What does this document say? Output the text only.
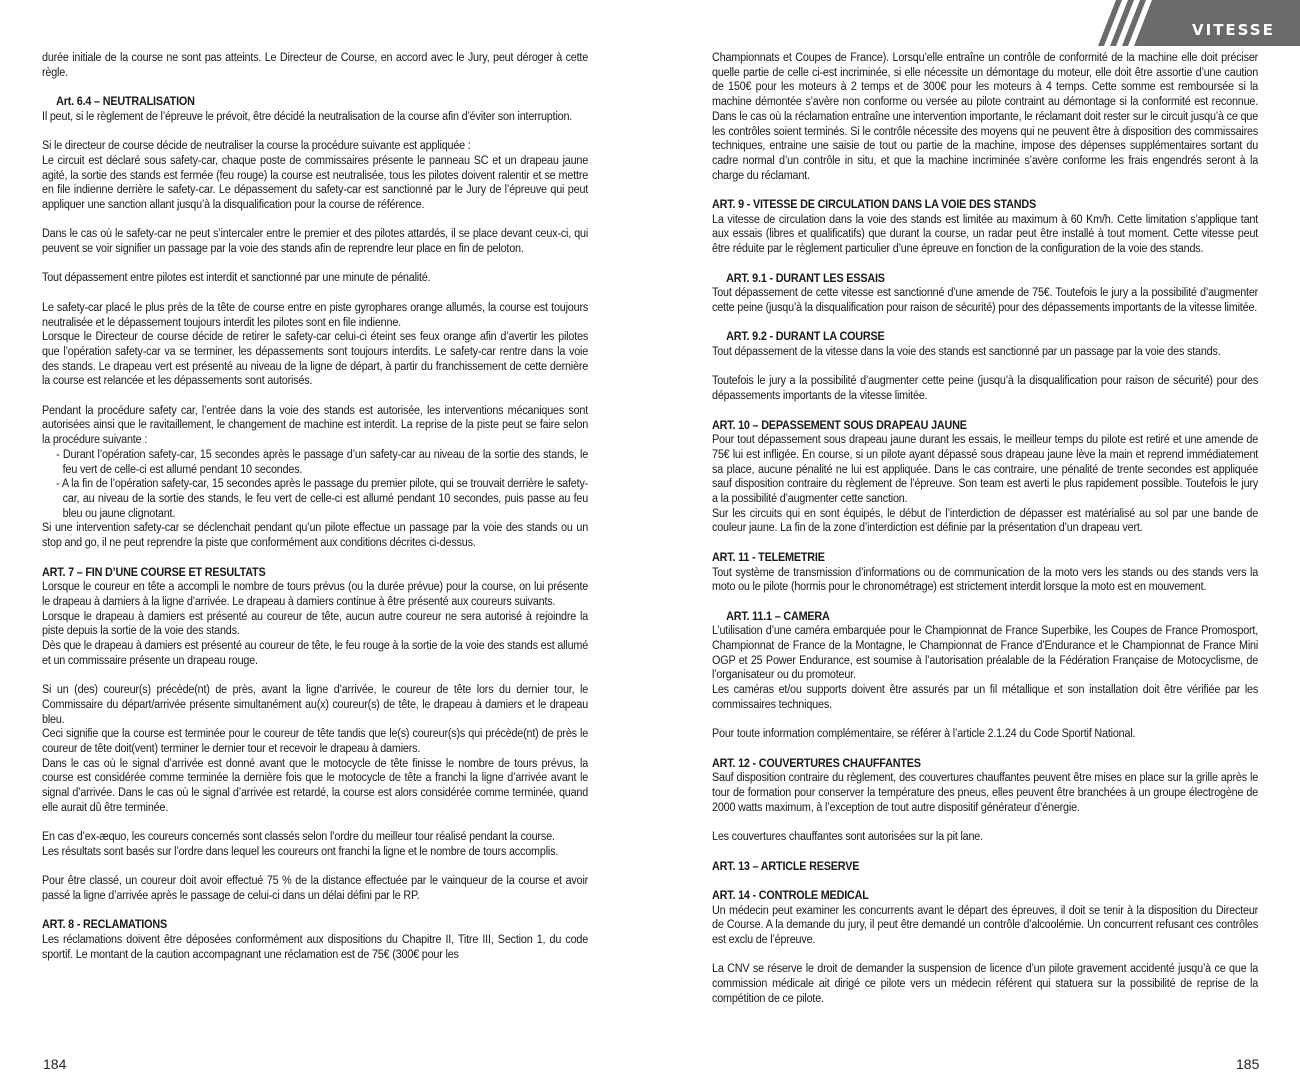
VITESSE

durée initiale de la course ne sont pas atteints. Le Directeur de Course, en accord avec le Jury, peut déroger à cette règle.

Art. 6.4 – NEUTRALISATION

Il peut, si le règlement de l’épreuve le prévoit, être décidé la neutralisation de la course afin d’éviter son interruption.

Si le directeur de course décide de neutraliser la course la procédure suivante est appliquée :
Le circuit est déclaré sous safety-car, chaque poste de commissaires présente le panneau SC et un drapeau jaune agité, la sortie des stands est fermée (feu rouge) la course est neutralisée, tous les pilotes doivent ralentir et se mettre en file indienne derrière le safety-car. Le dépassement du safety-car est sanctionné par le Jury de l’épreuve qui peut appliquer une sanction allant jusqu’à la disqualification pour la course de référence.

Dans le cas où le safety-car ne peut s’intercaler entre le premier et des pilotes attardés, il se place devant ceux-ci, qui peuvent se voir signifier un passage par la voie des stands afin de reprendre leur place en fin de peloton.

Tout dépassement entre pilotes est interdit et sanctionné par une minute de pénalité.

Le safety-car placé le plus près de la tête de course entre en piste gyrophares orange allumés, la course est toujours neutralisée et le dépassement toujours interdit les pilotes sont en file indienne.
Lorsque le Directeur de course décide de retirer le safety-car celui-ci éteint ses feux orange afin d’avertir les pilotes que l’opération safety-car va se terminer, les dépassements sont toujours interdits. Le safety-car rentre dans la voie des stands. Le drapeau vert est présenté au niveau de la ligne de départ, à partir du franchissement de cette dernière la course est relancée et les dépassements sont autorisés.

Pendant la procédure safety car, l’entrée dans la voie des stands est autorisée, les interventions mécaniques sont autorisées ainsi que le ravitaillement, le changement de machine est interdit. La reprise de la piste peut se faire selon la procédure suivante :

- Durant l’opération safety-car, 15 secondes après le passage d’un safety-car au niveau de la sortie des stands, le feu vert de celle-ci est allumé pendant 10 secondes.
- A la fin de l’opération safety-car, 15 secondes après le passage du premier pilote, qui se trouvait derrière le safety-car, au niveau de la sortie des stands, le feu vert de celle-ci est allumé pendant 10 secondes, puis passe au feu bleu ou jaune clignotant.

Si une intervention safety-car se déclenchait pendant qu’un pilote effectue un passage par la voie des stands ou un stop and go, il ne peut reprendre la piste que conformément aux conditions décrites ci-dessus.

ART. 7 – FIN D’UNE COURSE ET RESULTATS

Lorsque le coureur en tête a accompli le nombre de tours prévus (ou la durée prévue) pour la course, on lui présente le drapeau à damiers à la ligne d’arrivée. Le drapeau à damiers continue à être présenté aux coureurs suivants.
Lorsque le drapeau à damiers est présenté au coureur de tête, aucun autre coureur ne sera autorisé à rejoindre la piste depuis la sortie de la voie des stands.
Dès que le drapeau à damiers est présenté au coureur de tête, le feu rouge à la sortie de la voie des stands est allumé et un commissaire présente un drapeau rouge.

Si un (des) coureur(s) précède(nt) de près, avant la ligne d’arrivée, le coureur de tête lors du dernier tour, le Commissaire du départ/arrivée présente simultanément au(x) coureur(s) de tête, le drapeau à damiers et le drapeau bleu.
Ceci signifie que la course est terminée pour le coureur de tête tandis que le(s) coureur(s)s qui précède(nt) de près le coureur de tête doit(vent) terminer le dernier tour et recevoir le drapeau à damiers.
Dans le cas où le signal d’arrivée est donné avant que le motocycle de tête finisse le nombre de tours prévus, la course est considérée comme terminée la dernière fois que le motocycle de tête a franchi la ligne d’arrivée avant le signal d’arrivée. Dans le cas où le signal d’arrivée est retardé, la course est alors considérée comme terminée, quand elle aurait dû être terminée.

En cas d’ex-æquo, les coureurs concernés sont classés selon l’ordre du meilleur tour réalisé pendant la course.
Les résultats sont basés sur l’ordre dans lequel les coureurs ont franchi la ligne et le nombre de tours accomplis.

Pour être classé, un coureur doit avoir effectué 75 % de la distance effectuée par le vainqueur de la course et avoir passé la ligne d’arrivée après le passage de celui-ci dans un délai défini par le RP.

ART. 8 - RECLAMATIONS

Les réclamations doivent être déposées conformément aux dispositions du Chapitre II, Titre III, Section 1, du code sportif. Le montant de la caution accompagnant une réclamation est de 75€ (300€ pour les

184

Championnats et Coupes de France). Lorsqu’elle entraîne un contrôle de conformité de la machine elle doit préciser quelle partie de celle ci-est incriminée, si elle nécessite un démontage du moteur, elle doit être assortie d’une caution de 150€ pour les moteurs à 2 temps et de 300€ pour les moteurs à 4 temps. Cette somme est remboursée si la machine démontée s’avère non conforme ou versée au pilote contraint au démontage si la conformité est reconnue. Dans le cas où la réclamation entraîne une intervention importante, le réclamant doit rester sur le circuit jusqu’à ce que les contrôles soient terminés. Si le contrôle nécessite des moyens qui ne peuvent être à disposition des commissaires techniques, entraine une saisie de tout ou partie de la machine, impose des dépenses supplémentaires sortant du cadre normal d’un contrôle in situ, et que la machine incriminée s’avère conforme les frais engendrés seront à la charge du réclamant.

ART. 9 - VITESSE DE CIRCULATION DANS LA VOIE DES STANDS

La vitesse de circulation dans la voie des stands est limitée au maximum à 60 Km/h. Cette limitation s’applique tant aux essais (libres et qualificatifs) que durant la course, un radar peut être installé à tout moment. Cette vitesse peut être réduite par le règlement particulier d’une épreuve en fonction de la configuration de la voie des stands.

ART. 9.1 - DURANT LES ESSAIS

Tout dépassement de cette vitesse est sanctionné d’une amende de 75€. Toutefois le jury a la possibilité d’augmenter cette peine (jusqu’à la disqualification pour raison de sécurité) pour des dépassements importants de la vitesse limitée.

ART. 9.2 - DURANT LA COURSE

Tout dépassement de la vitesse dans la voie des stands est sanctionné par un passage par la voie des stands.

Toutefois le jury a la possibilité d’augmenter cette peine (jusqu’à la disqualification pour raison de sécurité) pour des dépassements importants de la vitesse limitée.

ART. 10 – DEPASSEMENT SOUS DRAPEAU JAUNE

Pour tout dépassement sous drapeau jaune durant les essais, le meilleur temps du pilote est retiré et une amende de 75€ lui est infligée. En course, si un pilote ayant dépassé sous drapeau jaune lève la main et reprend immédiatement sa place, aucune pénalité ne lui est appliquée. Dans le cas contraire, une pénalité de trente secondes est appliquée sauf disposition contraire du règlement de l’épreuve. Son team est averti le plus rapidement possible. Toutefois le jury a la possibilité d’augmenter cette sanction.
Sur les circuits qui en sont équipés, le début de l’interdiction de dépasser est matérialisé au sol par une bande de couleur jaune. La fin de la zone d’interdiction est définie par la présentation d’un drapeau vert.

ART. 11 - TELEMETRIE

Tout système de transmission d’informations ou de communication de la moto vers les stands ou des stands vers la moto ou le pilote (hormis pour le chronométrage) est strictement interdit lorsque la moto est en mouvement.

ART. 11.1 – CAMERA

L’utilisation d’une caméra embarquée pour le Championnat de France Superbike, les Coupes de France Promosport, Championnat de France de la Montagne, le Championnat de France d’Endurance et le Championnat de France Mini OGP et 25 Power Endurance, est soumise à l’autorisation préalable de la Fédération Française de Motocyclisme, de l’organisateur ou du promoteur.
Les caméras et/ou supports doivent être assurés par un fil métallique et son installation doit être vérifiée par les commissaires techniques.

Pour toute information complémentaire, se référer à l’article 2.1.24 du Code Sportif National.

ART. 12 - COUVERTURES CHAUFFANTES

Sauf disposition contraire du règlement, des couvertures chauffantes peuvent être mises en place sur la grille après le tour de formation pour conserver la température des pneus, elles peuvent être branchées à un groupe électrogène de 2000 watts maximum, à l’exception de tout autre dispositif générateur d’énergie.

Les couvertures chauffantes sont autorisées sur la pit lane.

ART. 13 – ARTICLE RESERVE
ART. 14 - CONTROLE MEDICAL

Un médecin peut examiner les concurrents avant le départ des épreuves, il doit se tenir à la disposition du Directeur de Course. A la demande du jury, il peut être demandé un contrôle d’alcoolémie. Un concurrent refusant ces contrôles est exclu de l’épreuve.

La CNV se réserve le droit de demander la suspension de licence d’un pilote gravement accidenté jusqu’à ce que la commission médicale ait dirigé ce pilote vers un médecin référent qui statuera sur la possibilité de reprise de la compétition de ce pilote.

185
